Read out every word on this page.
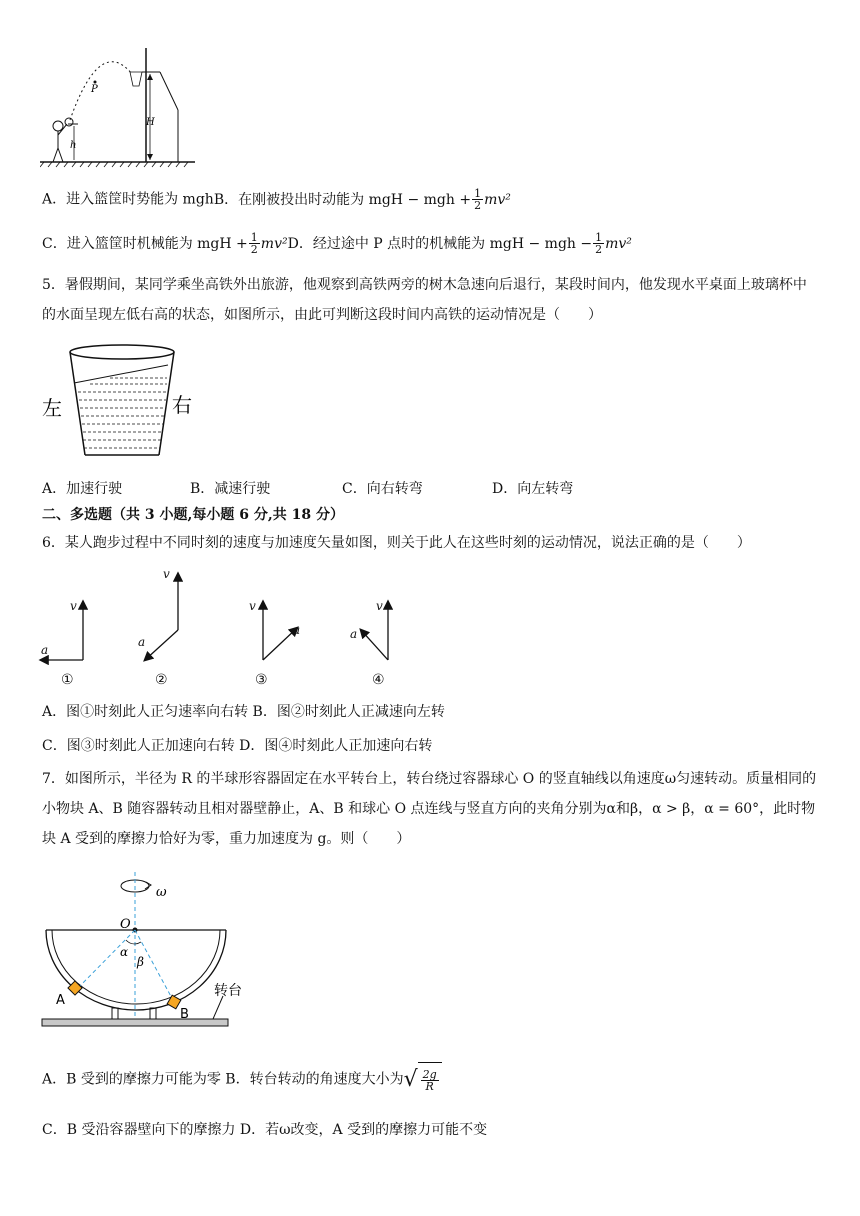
h
P
H
A．进入篮筐时势能为 mghB．在刚被投出时动能为 mgH − mgh + $\frac{1}{2} mv^2$
C．进入篮筐时机械能为 mgH + $\frac{1}{2} mv^2D$．经过途中 P 点时的机械能为 mgH − mgh − $\frac{1}{2} mv^2$
5．暑假期间，某同学乘坐高铁外出旅游，他观察到高铁两旁的树木急速向后退行，某段时间内，他发现水平桌面上玻璃杯中的水面呈现左低右高的状态，如图所示，由此可判断这段时间内高铁的运动情况是（　　）
左	右
A．加速行驶	B．减速行驶	C．向右转弯	D．向左转弯
二、多选题（共 3 小题,每小题 6 分,共 18 分）
6．某人跑步过程中不同时刻的速度与加速度矢量如图，则关于此人在这些时刻的运动情况，说法正确的是（　　）
v
a
v
a
v
a
v
a
①	②	③	④
A．图①时刻此人正匀速率向右转 B．图②时刻此人正减速向左转
C．图③时刻此人正加速向右转 D．图④时刻此人正加速向右转
7．如图所示，半径为 R 的半球形容器固定在水平转台上，转台绕过容器球心 O 的竖直轴线以角速度ω匀速转动。质量相同的小物块 A、B 随容器转动且相对器壁静止，A、B 和球心 O 点连线与竖直方向的夹角分别为α和β，α > β，α = 60°，此时物块 A 受到的摩擦力恰好为零，重力加速度为 g。则（　　）
ω
转台
O
α
β
A
B
A．B 受到的摩擦力可能为零 B．转台转动的角速度大小为 √ $\frac{2g}{R}$
C．B 受沿容器壁向下的摩擦力 D．若ω改变，A 受到的摩擦力可能不变
